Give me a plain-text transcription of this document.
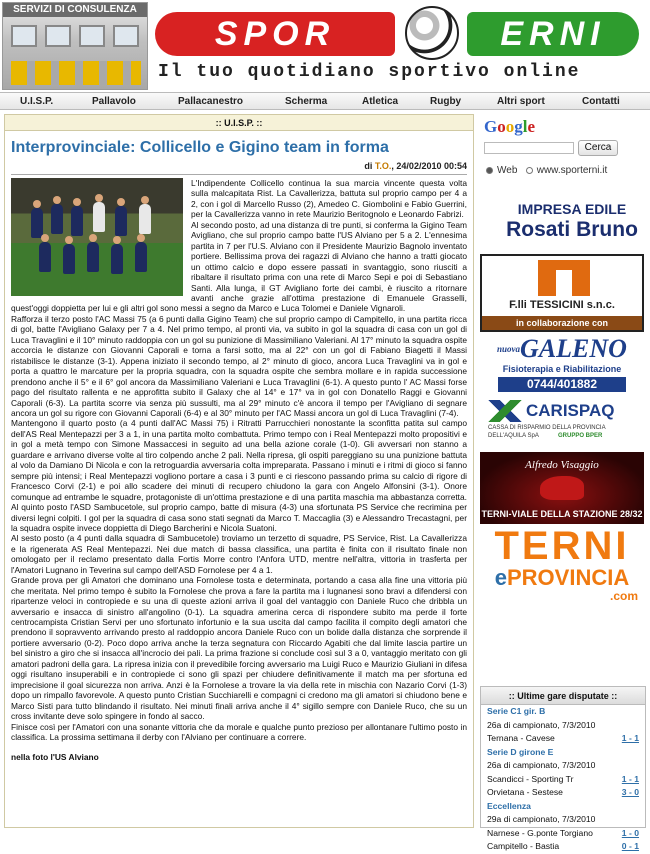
SERVIZI DI CONSULENZA
SPOR	ERNI
Il tuo quotidiano sportivo online
U.I.S.P.	Pallavolo	Pallacanestro	Scherma	Atletica	Rugby	Altri sport	Contatti
:: U.I.S.P. ::
Interprovinciale: Collicello e Gigino team in forma
di T.O., 24/02/2010 00:54

L'Indipendente Collicello continua la sua marcia vincente questa volta sulla malcapitata Rist. La Cavallerizza, battuta sul proprio campo per 4 a 2, con i gol di Marcello Russo (2), Amedeo C. Giombolini e Fabio Guerrini, per la Cavallerizza vanno in rete Maurizio Beritognolo e Leonardo Fabrizi.

Al secondo posto, ad una distanza di tre punti, si conferma la Gigino Team Avigliano, che sul proprio campo batte l'US Alviano per 5 a 2. L'ennesima partita in 7 per l'U.S. Alviano con il Presidente Maurizio Bagnolo inventato portiere. Bellissima prova dei ragazzi di Alviano che hanno a tratti giocato un ottimo calcio e dopo essere passati in svantaggio, sono riusciti a ribaltare il risultato prima con una rete di Marco Sepi e poi di Sebastiano Santi. Alla lunga, il GT Avigliano forte dei cambi, è riuscito a ritornare avanti anche grazie all'ottima prestazione di Emanuele Grasselli, quest'oggi doppietta per lui e gli altri gol sono messi a segno da Marco e Luca Tolomei e Daniele Vignaroli.

Rafforza il terzo posto l'AC Massi 75 (a 6 punti dalla Gigino Team) che sul proprio campo di Campitello, in una partita ricca di gol, batte l'Avigliano Galaxy per 7 a 4. Nel primo tempo, al pronti via, va subito in gol la squadra di casa con un gol di Luca Travaglini e il 10° minuto raddoppia con un gol su punizione di Massimiliano Valeriani. Al 17° minuto la squadra ospite accorcia le distanze con Giovanni Caporali e torna a farsi sotto, ma al 22° con un gol di Fabiano Biagetti il Massi ristabilisce le distanze (3-1). Appena iniziato il secondo tempo, al 2° minuto di gioco, ancora Luca Travaglini va in gol e porta a quattro le marcature per la propria squadra, con la squadra ospite che sembra mollare e in rapida successione prendono anche il 5° e il 6° gol ancora da Massimiliano Valeriani e Luca Travaglini (6-1). A questo punto l' AC Massi forse pago del risultato rallenta e ne approfitta subito il Galaxy che al 14° e 17° va in gol con Donatello Raggi e Giovanni Caporali (6-3). La partita scorre via senza più sussulti, ma al 29° minuto c'è ancora il tempo per l'Avigliano di segnare ancora un gol su rigore con Giovanni Caporali (6-4) e al 30° minuto per l'AC Massi ancora un gol di Luca Travaglini (7-4).

Mantengono il quarto posto (a 4 punti dall'AC Massi 75) i Ritratti Parrucchieri nonostante la sconfitta patita sul campo dell'AS Real Mentepazzi per 3 a 1, in una partita molto combattuta. Primo tempo con i Real Mentepazzi molto propositivi e in gol a metà tempo con Simone Massaccesi in seguito ad una bella azione corale (1-0). Gli avversari non stanno a guardare e arrivano diverse volte al tiro colpendo anche 2 pali. Nella ripresa, gli ospiti pareggiano su una punizione battuta al volo da Damiano Di Nicola e con la retroguardia avversaria colta impreparata. Passano i minuti e i ritmi di gioco si fanno sempre più intensi; i Real Mentepazzi vogliono portare a casa i 3 punti e ci riescono passando prima su calcio di rigore di Francesco Corvi (2-1) e poi allo scadere dei minuti di recupero chiudono la gara con Angelo Alfonsini (3-1). Onore comunque ad entrambe le squadre, protagoniste di un'ottima prestazione e di una partita maschia ma abbastanza corretta. Al quinto posto l'ASD Sambucetole, sul proprio campo, batte di misura (4-3) una sfortunata PS Service che recrimina per diversi legni colpiti. I gol per la squadra di casa sono stati segnati da Marco T. Maccaglia (3) e Alessandro Trecastagni, per la squadra ospite invece doppietta di Diego Barcherini e Nicola Suatoni.

Al sesto posto (a 4 punti dalla squadra di Sambucetole) troviamo un terzetto di squadre, PS Service, Rist. La Cavallerizza e la rigenerata AS Real Mentepazzi. Nei due match di bassa classifica, una partita è finita con il risultato finale non omologato per il reclamo presentato dalla Fortis Morre contro l'Anfora UTD, mentre nell'altra, vittoria in trasferta per l'Amatori Lugnano in Teverina sul campo dell'ASD Fornolese per 4 a 1.

Grande prova per gli Amatori che dominano una Fornolese tosta e determinata, portando a casa alla fine una vittoria più che meritata. Nel primo tempo è subito la Fornolese che prova a fare la partita ma i lugnanesi sono bravi a difendersi con ripartenze veloci in contropiede e su una di queste azioni arriva il goal del vantaggio con Daniele Ruco che dribbla un avversario e insacca di sinistro all'angolino (0-1). La squadra amerina cerca di rispondere subito ma perde il forte centrocampista Cristian Servi per uno sfortunato infortunio e la sua uscita dal campo facilita il compito degli amatori che prendono il sopravvento arrivando presto al raddoppio ancora Daniele Ruco con un bolide dalla distanza che sorprende il portiere avversario (0-2). Poco dopo arriva anche la terza segnatura con Riccardo Agabiti che dal limite lascia partire un bel sinistro a giro che si insacca all'incrocio dei pali. La prima frazione si conclude così sul 3 a 0, vantaggio meritato con gli amatori padroni della gara. La ripresa inizia con il prevedibile forcing avversario ma Luigi Ruco e Maurizio Giuliani in difesa oggi risultano insuperabili e in contropiede ci sono gli spazi per chiudere definitivamente il match ma per sfortuna ed imprecisione il goal sicurezza non arriva. Anzi è la Fornolese a trovare la via della rete in mischia con Nazario Corvi (1-3) dopo un rimpallo favorevole. A questo punto Cristian Succhiarelli e compagni ci credono ma gli amatori si chiudono bene e Marco Sisti para tutto blindando il risultato. Nei minuti finali arriva anche il 4° sigillo sempre con Daniele Ruco, che su un cross invitante deve solo spingere in fondo al sacco.

Finisce così per l'Amatori con una sonante vittoria che da morale e qualche punto prezioso per allontanare l'ultimo posto in classifica. La prossima settimana il derby con l'Alviano per continuare a correre.

nella foto l'US Alviano
Google
Cerca
Web www.sporterni.it
IMPRESA EDILE
Rosati Bruno
F.lli TESSICINI s.n.c.
in collaborazione con
$^{nuova}$GALENO
Fisioterapia e Riabilitazione
0744/401882
CARISPAQ
CASSA DI RISPARMIO DELLA PROVINCIA DELL'AQUILA SpA	GRUPPO BPER
Alfredo Visaggio
TERNI-VIALE DELLA STAZIONE 28/32
TERNI
ePROVINCIA
.com
:: Ultime gare disputate ::
Serie C1 gir. B
26a di campionato, 7/3/2010
Ternana - Cavese	1 - 1
Serie D girone E
26a di campionato, 7/3/2010
Scandicci - Sporting Tr	1 - 1
Orvietana - Sestese	3 - 0
Eccellenza
29a di campionato, 7/3/2010
Narnese - G.ponte Torgiano	1 - 0
Campitello - Bastia	0 - 1
